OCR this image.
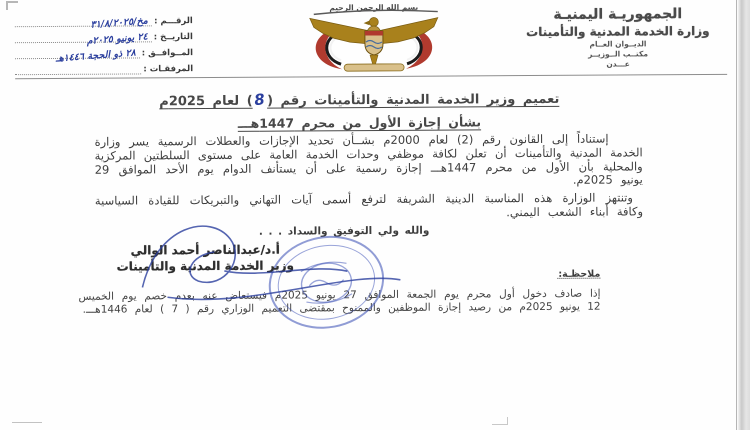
الرقـــم :
مخ/٣١/٨/٢٠٢٥
التاريــخ :
٢٤ يونيو ٢٠٢٥م
المــوافــق :
٢٨ ذو الحجة ١٤٤٦هـ
المرفقـات :
بسم الله الرحمن الرحيم	الجمهوريـة اليمنيـة
وزارة الخدمة المدنية والتأمينات
الديــوان العــام
مكتــب الــوزيــر
عـــدن
تعميم وزير الخدمة المدنية والتأمينات رقم (8) لعام 2025م
بشأن إجازة الأول من محرم 1447هـــ

إستناداً إلى القانون رقم (2) لعام 2000م بشــأن تحديد الإجازات والعطلات الرسمية يسر وزارة الخدمة المدنية والتأمينات أن تعلن لكافة موظفي وحدات الخدمة العامة على مستوى السلطتين المركزية والمحلية بأن الأول من محرم 1447هـــ إجازة رسمية على أن يستأنف الدوام يوم الأحد الموافق 29 يونيو 2025م.

وتنتهز الوزارة هذه المناسبة الدينية الشريفة لترفع أسمى آيات التهاني والتبريكات للقيادة السياسية وكافة أبناء الشعب اليمني.

والله ولي التوفيق والسداد . . .
أ.د/عبدالناصر أحمد الوالي
وزير الخدمة المدنية والتأمينات
ملاحظـة:
إذا صادف دخول أول محرم يوم الجمعة الموافق 27 يونيو 2025م فيستعاض عنه بعدم خصم يوم الخميس 12 يونيو 2025م من رصيد إجازة الموظفين والممنوح بمقتضى التعميم الوزاري رقم ( 7 ) لعام 1446هـــ.
